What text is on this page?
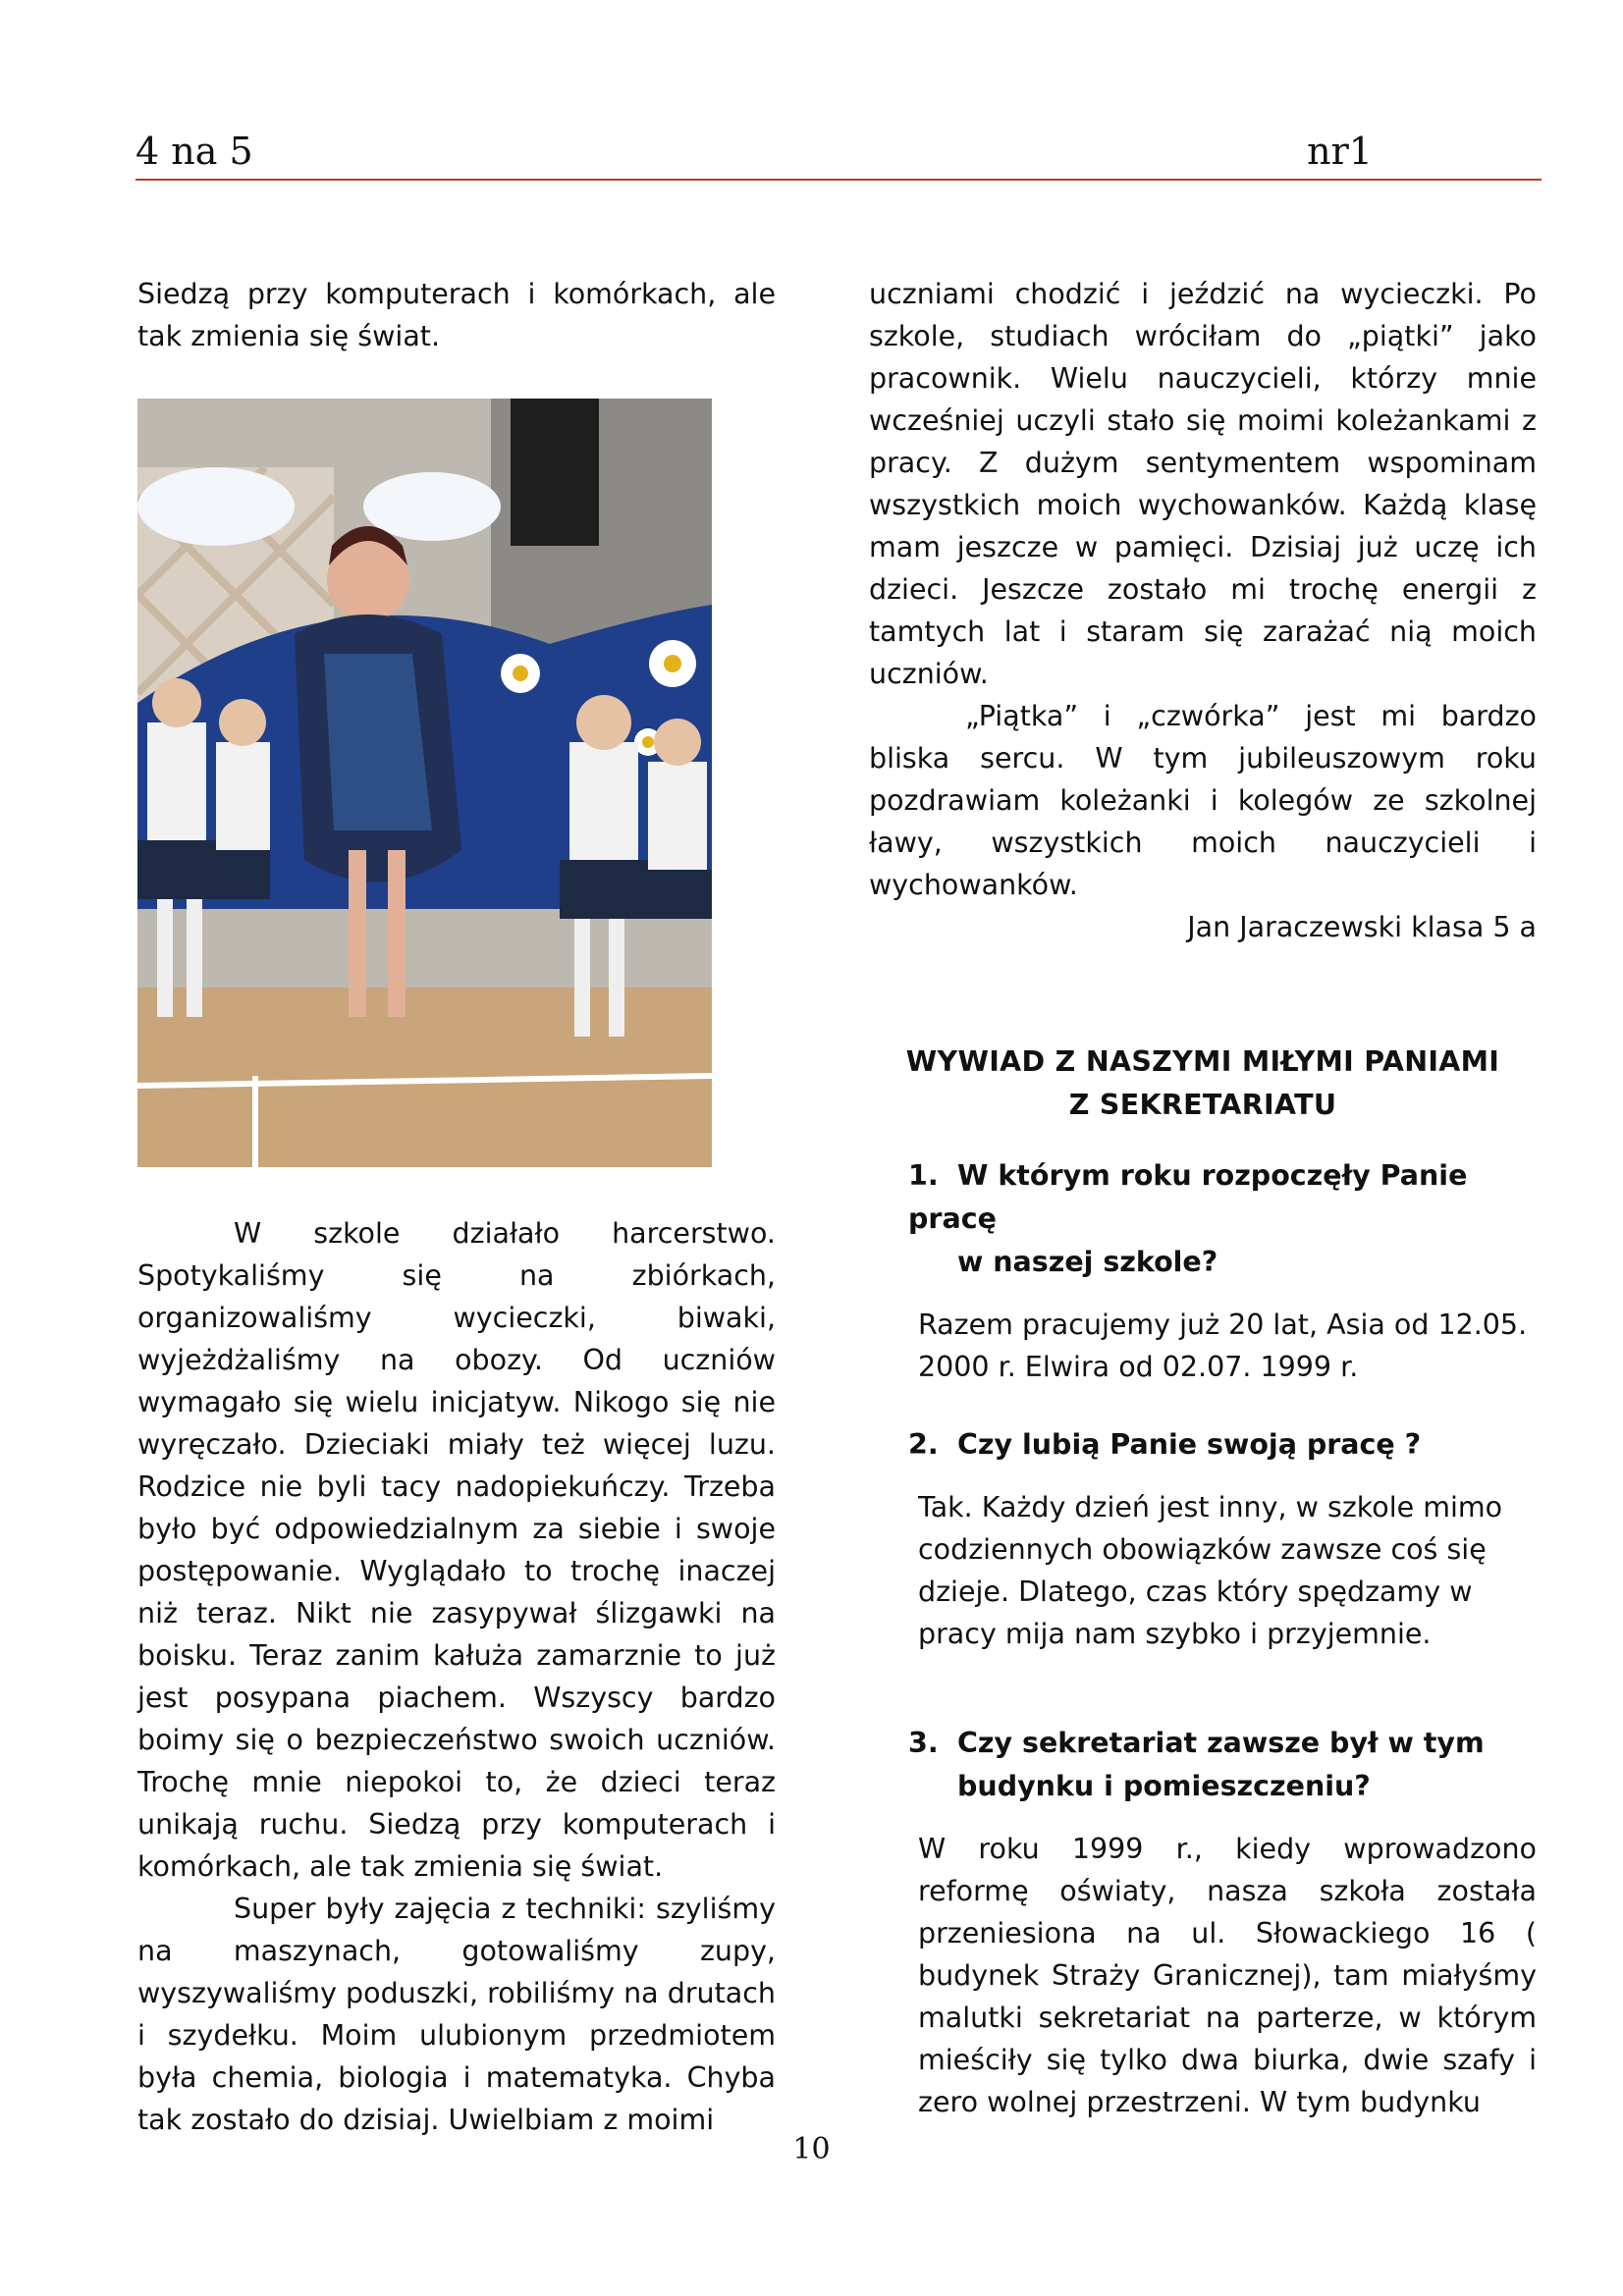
4 na 5	nr1

Siedzą przy komputerach i komórkach, ale tak zmienia się świat.

W szkole działało harcerstwo. Spotykaliśmy się na zbiórkach, organizowaliśmy wycieczki, biwaki, wyjeżdżaliśmy na obozy. Od uczniów wymagało się wielu inicjatyw. Nikogo się nie wyręczało. Dzieciaki miały też więcej luzu. Rodzice nie byli tacy nadopiekuńczy. Trzeba było być odpowiedzialnym za siebie i swoje postępowanie. Wyglądało to trochę inaczej niż teraz. Nikt nie zasypywał ślizgawki na boisku. Teraz zanim kałuża zamarznie to już jest posypana piachem. Wszyscy bardzo boimy się o bezpieczeństwo swoich uczniów. Trochę mnie niepokoi to, że dzieci teraz unikają ruchu. Siedzą przy komputerach i komórkach, ale tak zmienia się świat.

Super były zajęcia z techniki: szyliśmy na maszynach, gotowaliśmy zupy, wyszywaliśmy poduszki, robiliśmy na drutach i szydełku. Moim ulubionym przedmiotem była chemia, biologia i matematyka. Chyba tak zostało do dzisiaj. Uwielbiam z moimi

uczniami chodzić i jeździć na wycieczki. Po szkole, studiach wróciłam do „piątki” jako pracownik. Wielu nauczycieli, którzy mnie wcześniej uczyli stało się moimi koleżankami z pracy. Z dużym sentymentem wspominam wszystkich moich wychowanków. Każdą klasę mam jeszcze w pamięci. Dzisiaj już uczę ich dzieci. Jeszcze zostało mi trochę energii z tamtych lat i staram się zarażać nią moich uczniów.

„Piątka” i „czwórka” jest mi bardzo bliska sercu. W tym jubileuszowym roku pozdrawiam koleżanki i kolegów ze szkolnej ławy, wszystkich moich nauczycieli i wychowanków.

Jan Jaraczewski klasa 5 a
WYWIAD Z NASZYMI MIŁYMI PANIAMI
Z SEKRETARIATU
1. W którym roku rozpoczęły Panie pracę
w naszej szkole?

Razem pracujemy już 20 lat, Asia od 12.05. 2000 r. Elwira od 02.07. 1999 r.

2. Czy lubią Panie swoją pracę ?

Tak. Każdy dzień jest inny, w szkole mimo codziennych obowiązków zawsze coś się dzieje. Dlatego, czas który spędzamy w pracy mija nam szybko i przyjemnie.

3. Czy sekretariat zawsze był w tym
budynku i pomieszczeniu?

W roku 1999 r., kiedy wprowadzono reformę oświaty, nasza szkoła została przeniesiona na ul. Słowackiego 16 ( budynek Straży Granicznej), tam miałyśmy malutki sekretariat na parterze, w którym mieściły się tylko dwa biurka, dwie szafy i zero wolnej przestrzeni. W tym budynku

10
